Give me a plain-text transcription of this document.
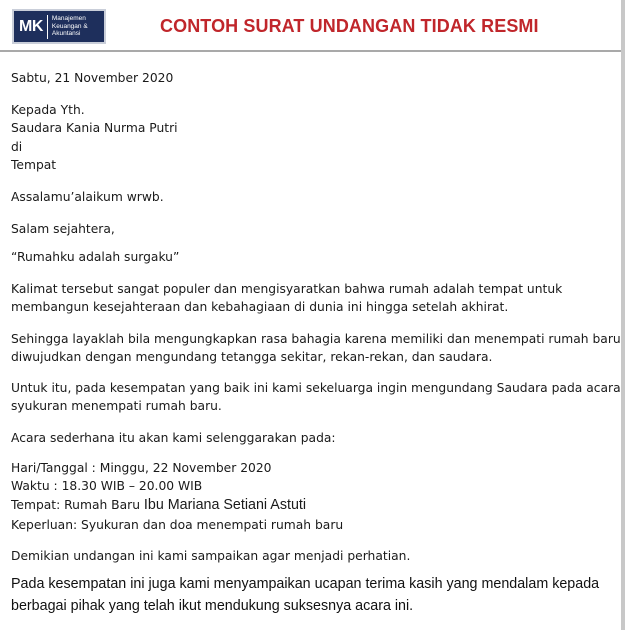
MK Manajemen
Keuangan &
Akuntansi	CONTOH SURAT UNDANGAN TIDAK RESMI
Sabtu, 21 November 2020
Kepada Yth.
Saudara Kania Nurma Putri
di
Tempat
Assalamu’alaikum wrwb.
Salam sejahtera,
“Rumahku adalah surgaku”
Kalimat tersebut sangat populer dan mengisyaratkan bahwa rumah adalah tempat untuk
membangun kesejahteraan dan kebahagiaan di dunia ini hingga setelah akhirat.
Sehingga layaklah bila mengungkapkan rasa bahagia karena memiliki dan menempati rumah baru
diwujudkan dengan mengundang tetangga sekitar, rekan-rekan, dan saudara.
Untuk itu, pada kesempatan yang baik ini kami sekeluarga ingin mengundang Saudara pada acara
syukuran menempati rumah baru.
Acara sederhana itu akan kami selenggarakan pada:
Hari/Tanggal : Minggu, 22 November 2020
Waktu : 18.30 WIB – 20.00 WIB
Tempat: Rumah Baru Ibu Mariana Setiani Astuti
Keperluan: Syukuran dan doa menempati rumah baru
Demikian undangan ini kami sampaikan agar menjadi perhatian.
Pada kesempatan ini juga kami menyampaikan ucapan terima kasih yang mendalam kepada
berbagai pihak yang telah ikut mendukung suksesnya acara ini.
